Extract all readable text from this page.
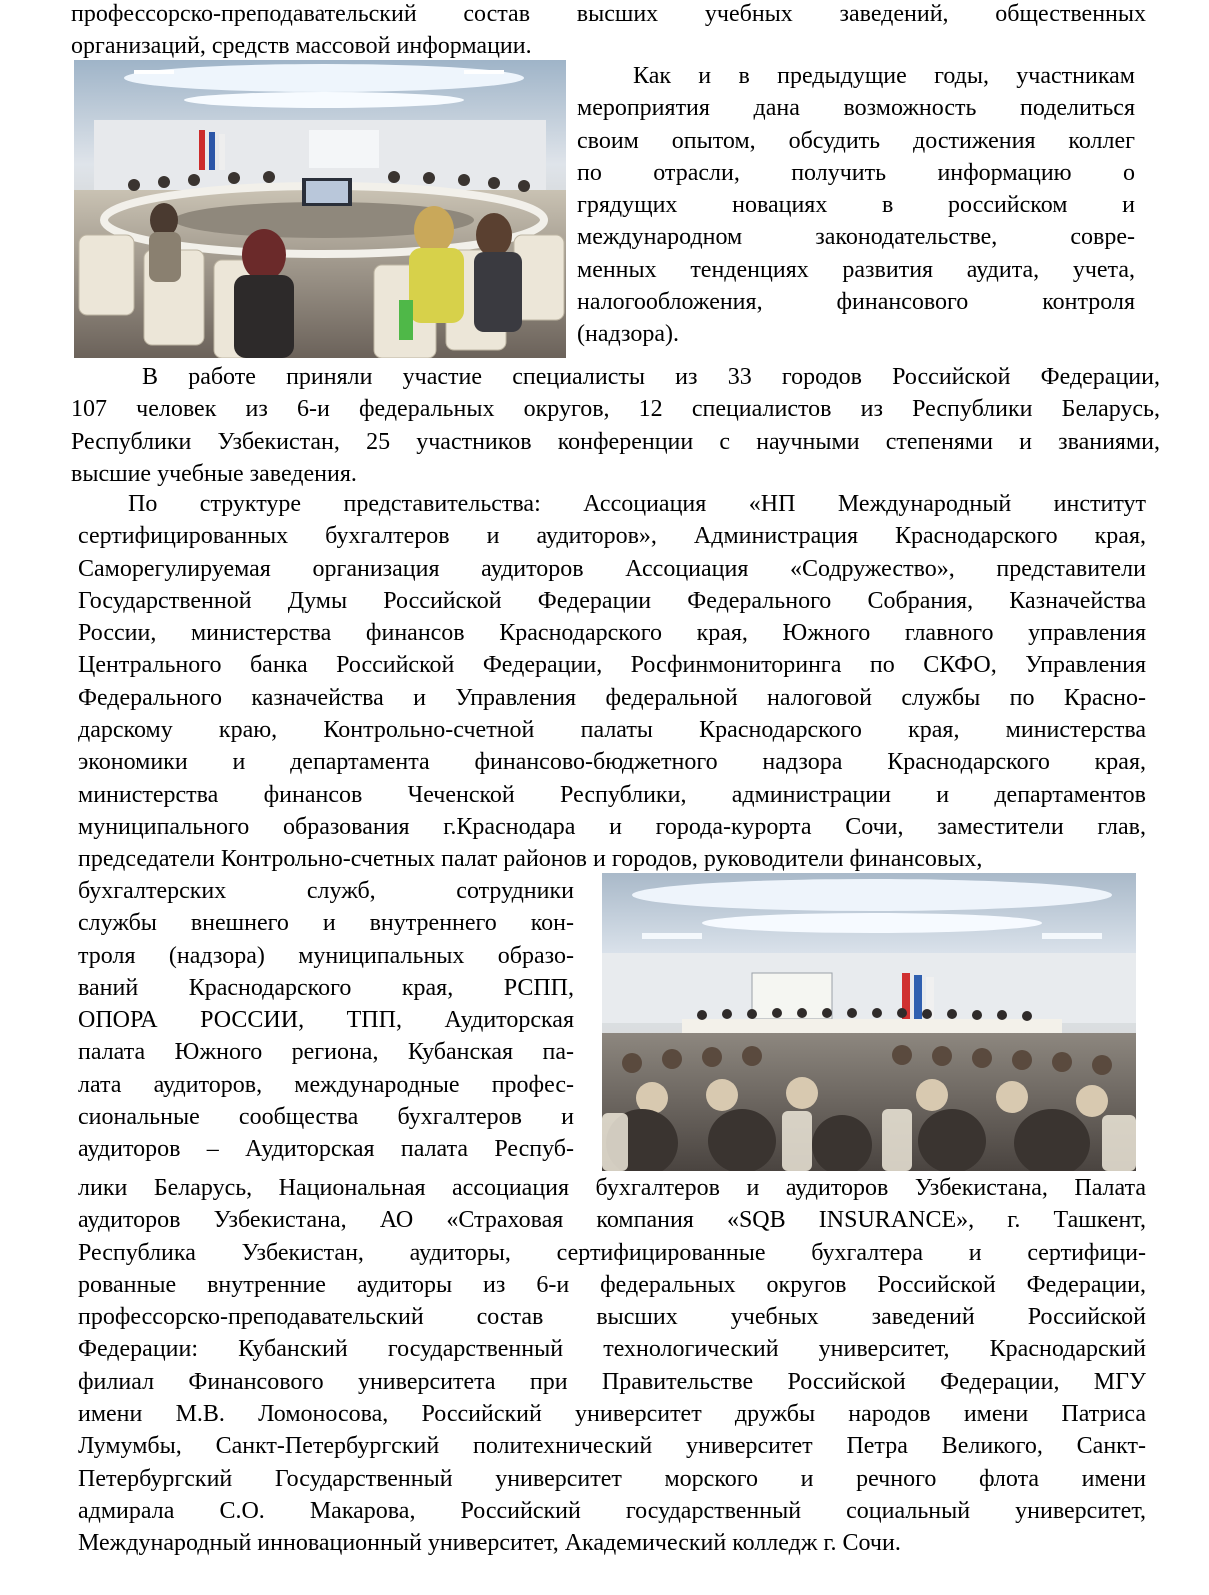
профессорско-преподавательский состав высших учебных заведений, общественных
организаций, средств массовой информации.
Как и в предыдущие годы, участникам
мероприятия дана возможность поделиться
своим опытом, обсудить достижения коллег
по отрасли, получить информацию о
грядущих новациях в российском и
международном законодательстве, совре-
менных тенденциях развития аудита, учета,
налогообложения, финансового контроля
(надзора).
В работе приняли участие специалисты из 33 городов Российской Федерации,
107 человек из 6-и федеральных округов, 12 специалистов из Республики Беларусь,
Республики Узбекистан, 25 участников конференции с научными степенями и званиями,
высшие учебные заведения.
По структуре представительства: Ассоциация «НП Международный институт
сертифицированных бухгалтеров и аудиторов», Администрация Краснодарского края,
Саморегулируемая организация аудиторов Ассоциация «Содружество», представители
Государственной Думы Российской Федерации Федерального Собрания, Казначейства
России, министерства финансов Краснодарского края, Южного главного управления
Центрального банка Российской Федерации, Росфинмониторинга по СКФО, Управления
Федерального казначейства и Управления федеральной налоговой службы по Красно-
дарскому краю, Контрольно-счетной палаты Краснодарского края, министерства
экономики и департамента финансово-бюджетного надзора Краснодарского края,
министерства финансов Чеченской Республики, администрации и департаментов
муниципального образования г.Краснодара и города-курорта Сочи, заместители глав,
председатели Контрольно-счетных палат районов и городов, руководители финансовых,
бухгалтерских служб, сотрудники
службы внешнего и внутреннего кон-
троля (надзора) муниципальных образо-
ваний Краснодарского края, РСПП,
ОПОРА РОССИИ, ТПП, Аудиторская
палата Южного региона, Кубанская па-
лата аудиторов, международные профес-
сиональные сообщества бухгалтеров и
аудиторов – Аудиторская палата Респуб-
лики Беларусь, Национальная ассоциация бухгалтеров и аудиторов Узбекистана, Палата
аудиторов Узбекистана, АО «Страховая компания «SQB INSURANCE», г. Ташкент,
Республика Узбекистан, аудиторы, сертифицированные бухгалтера и сертифици-
рованные внутренние аудиторы из 6-и федеральных округов Российской Федерации,
профессорско-преподавательский состав высших учебных заведений Российской
Федерации: Кубанский государственный технологический университет, Краснодарский
филиал Финансового университета при Правительстве Российской Федерации, МГУ
имени М.В. Ломоносова, Российский университет дружбы народов имени Патриса
Лумумбы, Санкт-Петербургский политехнический университет Петра Великого, Санкт-
Петербургский Государственный университет морского и речного флота имени
адмирала С.О. Макарова, Российский государственный социальный университет,
Международный инновационный университет, Академический колледж г. Сочи.
